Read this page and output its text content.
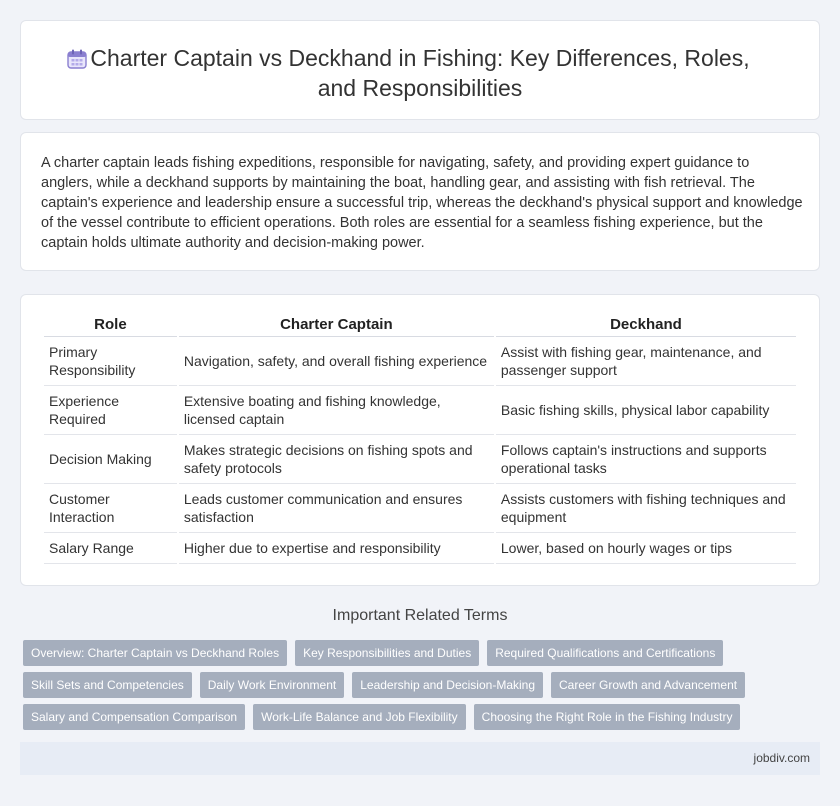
Charter Captain vs Deckhand in Fishing: Key Differences, Roles,
and Responsibilities

A charter captain leads fishing expeditions, responsible for navigating, safety, and providing expert guidance to anglers, while a deckhand supports by maintaining the boat, handling gear, and assisting with fish retrieval. The captain's experience and leadership ensure a successful trip, whereas the deckhand's physical support and knowledge of the vessel contribute to efficient operations. Both roles are essential for a seamless fishing experience, but the captain holds ultimate authority and decision-making power.

Role	Charter Captain	Deckhand
Primary Responsibility	Navigation, safety, and overall fishing experience	Assist with fishing gear, maintenance, and passenger support
Experience Required	Extensive boating and fishing knowledge, licensed captain	Basic fishing skills, physical labor capability
Decision Making	Makes strategic decisions on fishing spots and safety protocols	Follows captain's instructions and supports operational tasks
Customer Interaction	Leads customer communication and ensures satisfaction	Assists customers with fishing techniques and equipment
Salary Range	Higher due to expertise and responsibility	Lower, based on hourly wages or tips
Important Related Terms
Overview: Charter Captain vs Deckhand Roles	Key Responsibilities and Duties	Required Qualifications and Certifications
Skill Sets and Competencies	Daily Work Environment	Leadership and Decision-Making	Career Growth and Advancement
Salary and Compensation Comparison	Work-Life Balance and Job Flexibility	Choosing the Right Role in the Fishing Industry
jobdiv.com
